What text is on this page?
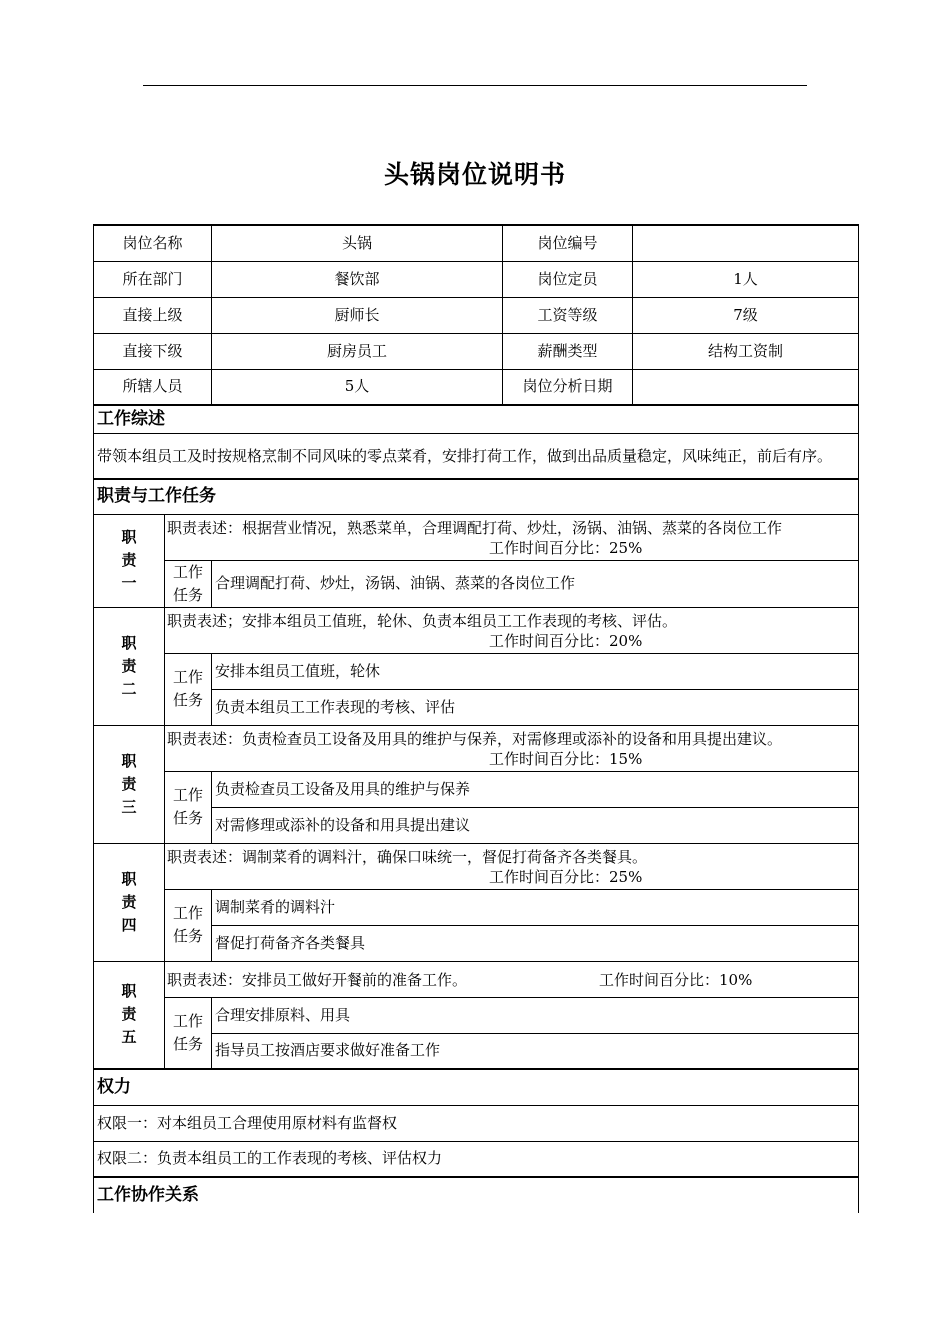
头锅岗位说明书
岗位名称		头锅	岗位编号	
所在部门		餐饮部	岗位定员	1人
直接上级		厨师长	工资等级	7级
直接下级		厨房员工	薪酬类型	结构工资制
所辖人员		5人	岗位分析日期	
工作综述				
带领本组员工及时按规格烹制不同风味的零点菜肴，安排打荷工作，做到出品质量稳定，风味纯正，前后有序。				
职责与工作任务				
职责一	职责表述：根据营业情况，熟悉菜单，合理调配打荷、炒灶，汤锅、油锅、蒸菜的各岗位工作
工作时间百分比：25%			

	工作任务	合理调配打荷、炒灶，汤锅、油锅、蒸菜的各岗位工作		
职责二	职责表述；安排本组员工值班，轮休、负责本组员工工作表现的考核、评估。
工作时间百分比：20%			

	工作任务	安排本组员工值班，轮休		
		负责本组员工工作表现的考核、评估		
职责三	职责表述：负责检查员工设备及用具的维护与保养，对需修理或添补的设备和用具提出建议。
工作时间百分比：15%			

	工作任务	负责检查员工设备及用具的维护与保养		
		对需修理或添补的设备和用具提出建议		
职责四	职责表述：调制菜肴的调料汁，确保口味统一，督促打荷备齐各类餐具。
工作时间百分比：25%			

	工作任务	调制菜肴的调料汁		
		督促打荷备齐各类餐具		
职责五	职责表述：安排员工做好开餐前的准备工作。 工作时间百分比：10%			
	工作任务	合理安排原料、用具		
		指导员工按酒店要求做好准备工作		
权力				
权限一：对本组员工合理使用原材料有监督权				
权限二：负责本组员工的工作表现的考核、评估权力				
工作协作关系				
